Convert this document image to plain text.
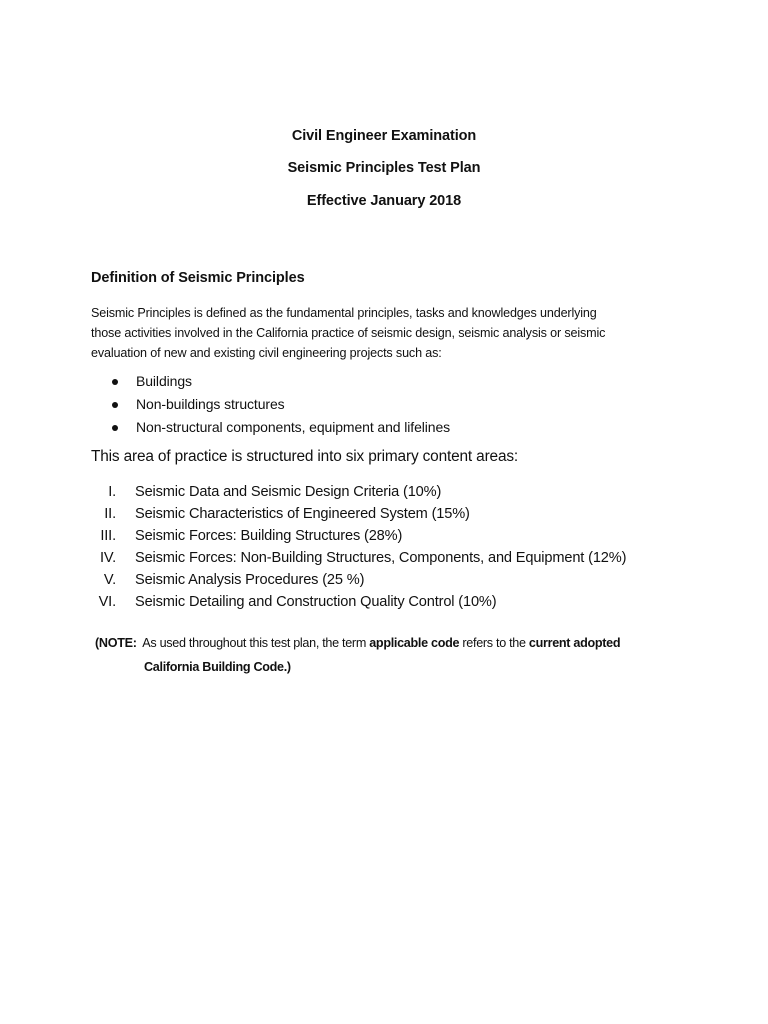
Civil Engineer Examination
Seismic Principles Test Plan
Effective January 2018
Definition of Seismic Principles
Seismic Principles is defined as the fundamental principles, tasks and knowledges underlying
those activities involved in the California practice of seismic design, seismic analysis or seismic
evaluation of new and existing civil engineering projects such as:
Buildings
Non-buildings structures
Non-structural components, equipment and lifelines
This area of practice is structured into six primary content areas:
I. Seismic Data and Seismic Design Criteria (10%)
II. Seismic Characteristics of Engineered System (15%)
III. Seismic Forces: Building Structures (28%)
IV. Seismic Forces: Non-Building Structures, Components, and Equipment (12%)
V. Seismic Analysis Procedures (25 %)
VI. Seismic Detailing and Construction Quality Control (10%)
(NOTE:  As used throughout this test plan, the term applicable code refers to the current adopted
California Building Code.)
